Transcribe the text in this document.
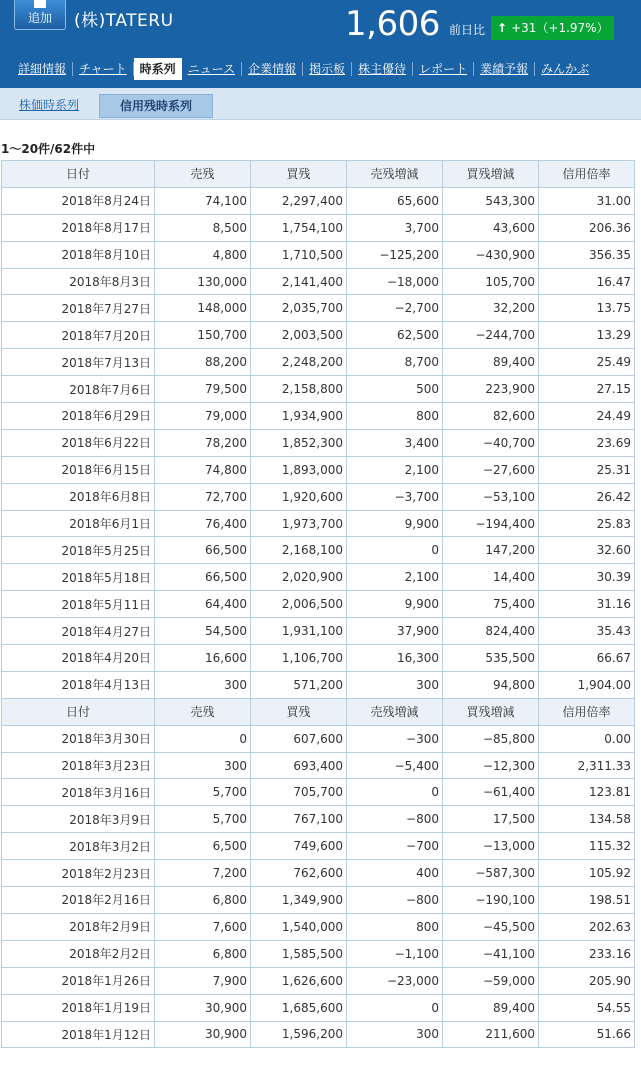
追加	(株)TATERU	1,606 前日比 ↑ +31（+1.97%）
詳細情報	チャート	時系列	ニュース	企業情報	掲示板	株主優待	レポート	業績予報	みんかぶ
株価時系列	信用残時系列
1〜20件/62件中
日付	売残	買残	売残増減	買残増減	信用倍率
2018年8月24日	74,100	2,297,400	65,600	543,300	31.00
2018年8月17日	8,500	1,754,100	3,700	43,600	206.36
2018年8月10日	4,800	1,710,500	−125,200	−430,900	356.35
2018年8月3日	130,000	2,141,400	−18,000	105,700	16.47
2018年7月27日	148,000	2,035,700	−2,700	32,200	13.75
2018年7月20日	150,700	2,003,500	62,500	−244,700	13.29
2018年7月13日	88,200	2,248,200	8,700	89,400	25.49
2018年7月6日	79,500	2,158,800	500	223,900	27.15
2018年6月29日	79,000	1,934,900	800	82,600	24.49
2018年6月22日	78,200	1,852,300	3,400	−40,700	23.69
2018年6月15日	74,800	1,893,000	2,100	−27,600	25.31
2018年6月8日	72,700	1,920,600	−3,700	−53,100	26.42
2018年6月1日	76,400	1,973,700	9,900	−194,400	25.83
2018年5月25日	66,500	2,168,100	0	147,200	32.60
2018年5月18日	66,500	2,020,900	2,100	14,400	30.39
2018年5月11日	64,400	2,006,500	9,900	75,400	31.16
2018年4月27日	54,500	1,931,100	37,900	824,400	35.43
2018年4月20日	16,600	1,106,700	16,300	535,500	66.67
2018年4月13日	300	571,200	300	94,800	1,904.00
日付	売残	買残	売残増減	買残増減	信用倍率
2018年3月30日	0	607,600	−300	−85,800	0.00
2018年3月23日	300	693,400	−5,400	−12,300	2,311.33
2018年3月16日	5,700	705,700	0	−61,400	123.81
2018年3月9日	5,700	767,100	−800	17,500	134.58
2018年3月2日	6,500	749,600	−700	−13,000	115.32
2018年2月23日	7,200	762,600	400	−587,300	105.92
2018年2月16日	6,800	1,349,900	−800	−190,100	198.51
2018年2月9日	7,600	1,540,000	800	−45,500	202.63
2018年2月2日	6,800	1,585,500	−1,100	−41,100	233.16
2018年1月26日	7,900	1,626,600	−23,000	−59,000	205.90
2018年1月19日	30,900	1,685,600	0	89,400	54.55
2018年1月12日	30,900	1,596,200	300	211,600	51.66
